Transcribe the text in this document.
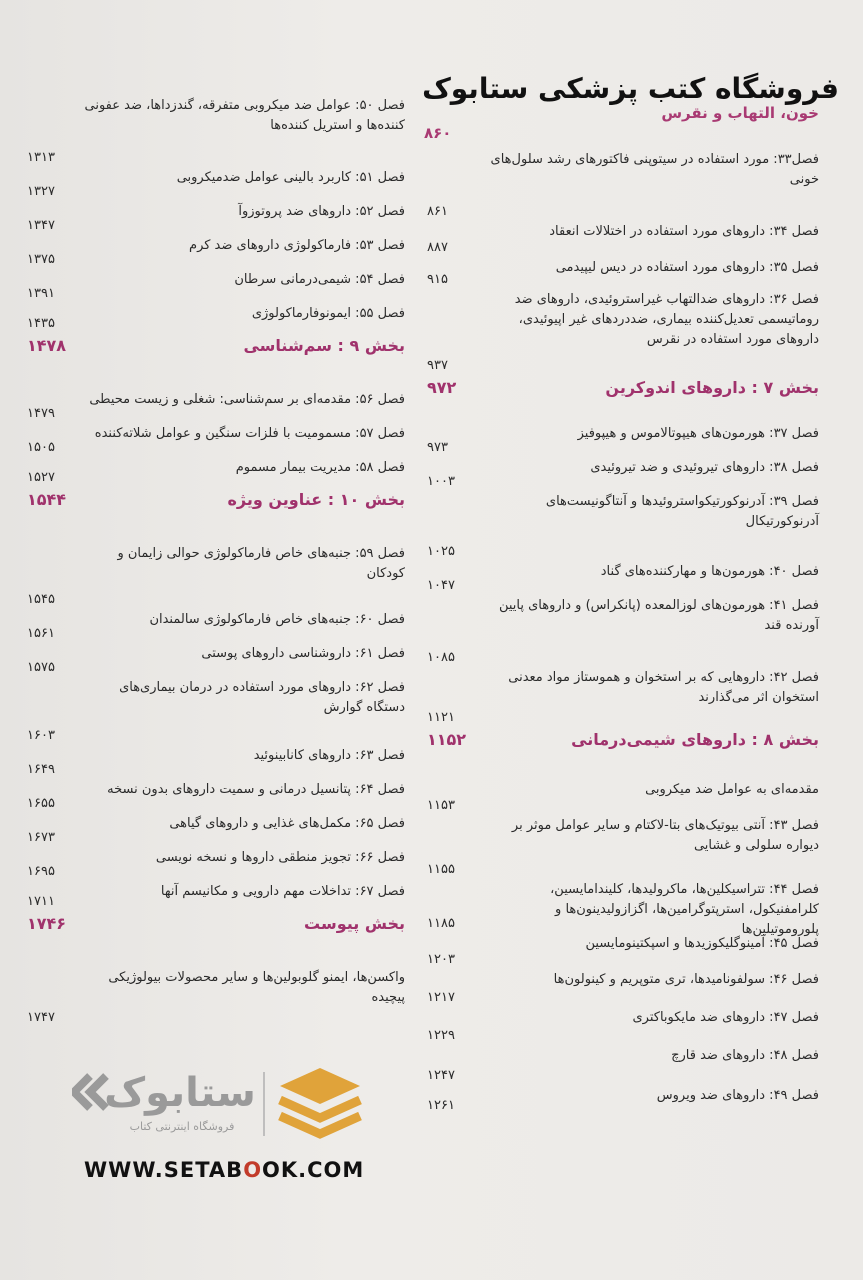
فروشگاه کتب پزشکی ستابوک
خون، التهاب و نقرس
۸۶۰
فصل۳۳: مورد استفاده در سیتوپنی فاکتورهای رشد سلول‌های خونی
۸۶۱
فصل ۳۴: داروهای مورد استفاده در اختلالات انعقاد
۸۸۷
فصل ۳۵: داروهای مورد استفاده در دیس لیپیدمی
۹۱۵
فصل ۳۶: داروهای ضدالتهاب غیراستروئیدی، داروهای ضد روماتیسمی تعدیل‌کننده بیماری، ضددردهای غیر اپیوئیدی، داروهای مورد استفاده در نقرس
۹۳۷
بخش ۷ : داروهای اندوکرین
۹۷۲
فصل ۳۷: هورمون‌های هیپوتالاموس و هیپوفیز
۹۷۳
فصل ۳۸: داروهای تیروئیدی و ضد تیروئیدی
۱۰۰۳
فصل ۳۹: آدرنوکورتیکواستروئیدها و آنتاگونیست‌های آدرنوکورتیکال
۱۰۲۵
فصل ۴۰: هورمون‌ها و مهارکننده‌های گناد
۱۰۴۷
فصل ۴۱: هورمون‌های لوزالمعده (پانکراس) و داروهای پایین آورنده قند
۱۰۸۵
فصل ۴۲: داروهایی که بر استخوان و هموستاز مواد معدنی استخوان اثر می‌گذارند
۱۱۲۱
بخش ۸ : داروهای شیمی‌درمانی
۱۱۵۲
مقدمه‌ای به عوامل ضد میکروبی
۱۱۵۳
فصل ۴۳: آنتی بیوتیک‌های بتا-لاکتام و سایر عوامل موثر بر دیواره سلولی و غشایی
۱۱۵۵
فصل ۴۴: تتراسیکلین‌ها، ماکرولیدها، کلیندامایسین، کلرامفنیکول، استرپتوگرامین‌ها، اگزازولیدینون‌ها و پلوروموتیلین‌ها
۱۱۸۵
فصل ۴۵: آمینوگلیکوزیدها و اسپکتینومایسین
۱۲۰۳
فصل ۴۶: سولفونامیدها، تری متوپریم و کینولون‌ها
۱۲۱۷
فصل ۴۷: داروهای ضد مایکوباکتری
۱۲۲۹
فصل ۴۸: داروهای ضد قارچ
۱۲۴۷
فصل ۴۹: داروهای ضد ویروس
۱۲۶۱
فصل ۵۰: عوامل ضد میکروبی متفرقه، گندزداها، ضد عفونی کننده‌ها و استریل کننده‌ها
۱۳۱۳
فصل ۵۱: کاربرد بالینی عوامل ضدمیکروبی
۱۳۲۷
فصل ۵۲: داروهای ضد پروتوزوآ
۱۳۴۷
فصل ۵۳: فارماکولوژی داروهای ضد کرم
۱۳۷۵
فصل ۵۴: شیمی‌درمانی سرطان
۱۳۹۱
فصل ۵۵: ایمونوفارماکولوژی
۱۴۳۵
بخش ۹ : سم‌شناسی
۱۴۷۸
فصل ۵۶: مقدمه‌ای بر سم‌شناسی: شغلی و زیست محیطی
۱۴۷۹
فصل ۵۷: مسمومیت با فلزات سنگین و عوامل شلاته‌کننده
۱۵۰۵
فصل ۵۸: مدیریت بیمار مسموم
۱۵۲۷
بخش ۱۰ : عناوین ویژه
۱۵۴۴
فصل ۵۹: جنبه‌های خاص فارماکولوژی حوالی زایمان و کودکان
۱۵۴۵
فصل ۶۰: جنبه‌های خاص فارماکولوژی سالمندان
۱۵۶۱
فصل ۶۱: داروشناسی داروهای پوستی
۱۵۷۵
فصل ۶۲: داروهای مورد استفاده در درمان بیماری‌های دستگاه گوارش
۱۶۰۳
فصل ۶۳: داروهای کانابینوئید
۱۶۴۹
فصل ۶۴: پتانسیل درمانی و سمیت داروهای بدون نسخه
۱۶۵۵
فصل ۶۵: مکمل‌های غذایی و داروهای گیاهی
۱۶۷۳
فصل ۶۶: تجویز منطقی داروها و نسخه نویسی
۱۶۹۵
فصل ۶۷: تداخلات مهم دارویی و مکانیسم آنها
۱۷۱۱
بخش پیوست
۱۷۴۶
واکسن‌ها، ایمنو گلوبولین‌ها و سایر محصولات بیولوژیکی پیچیده
۱۷۴۷
ستابوک
فروشگاه اینترنتی کتاب
WWW.SETABOOK.COM
